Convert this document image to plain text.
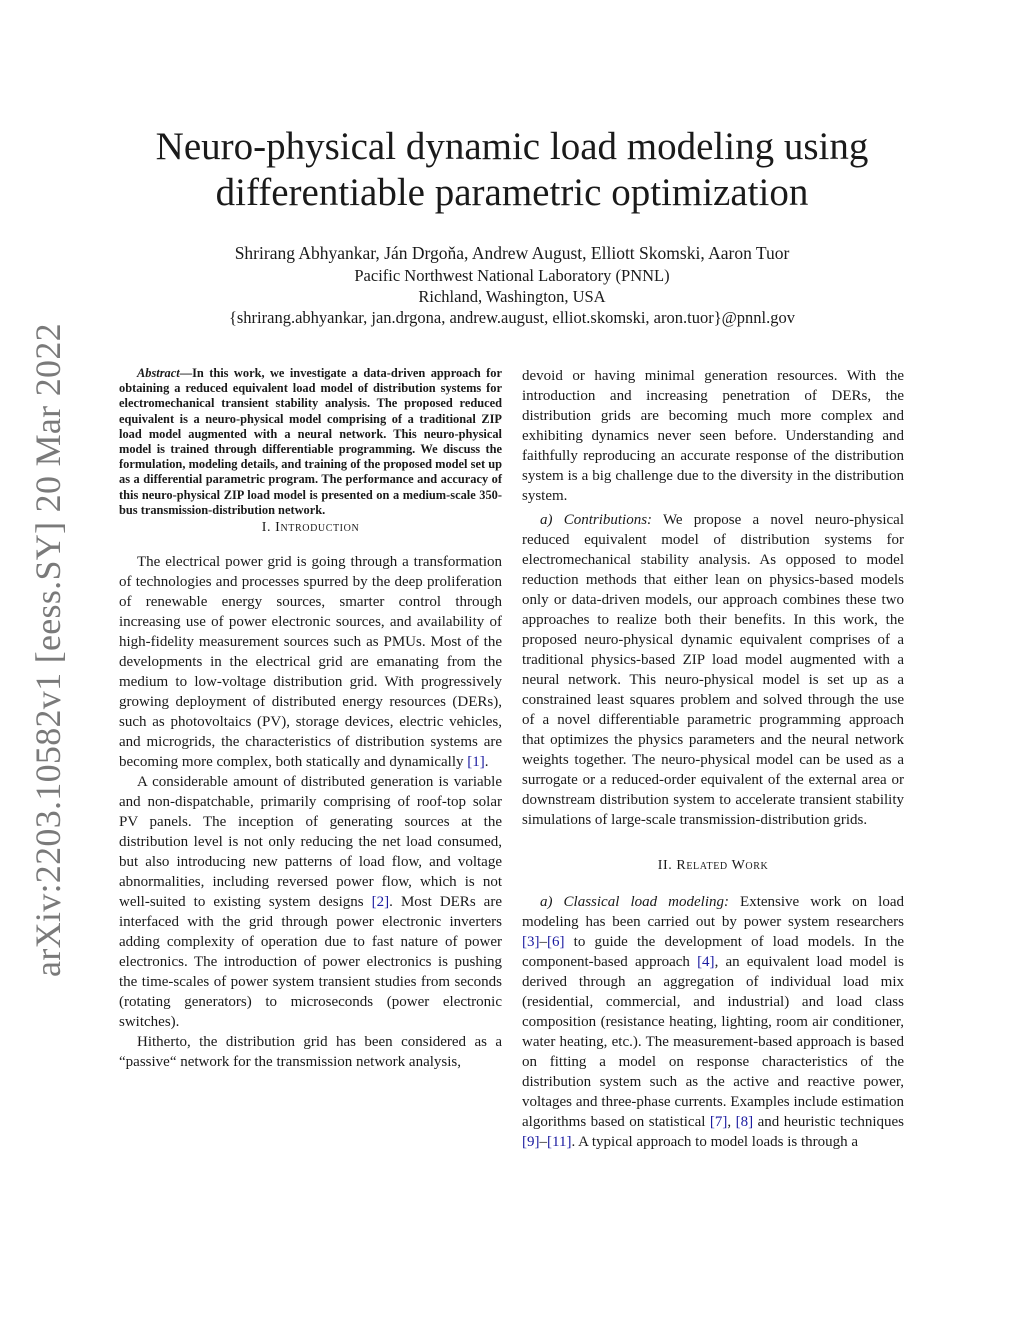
arXiv:2203.10582v1 [eess.SY] 20 Mar 2022
Neuro-physical dynamic load modeling using
differentiable parametric optimization
Shrirang Abhyankar, Ján Drgoňa, Andrew August, Elliott Skomski, Aaron Tuor
Pacific Northwest National Laboratory (PNNL)
Richland, Washington, USA
{shrirang.abhyankar, jan.drgona, andrew.august, elliot.skomski, aron.tuor}@pnnl.gov

Abstract—In this work, we investigate a data-driven approach for obtaining a reduced equivalent load model of distribution systems for electromechanical transient stability analysis. The proposed reduced equivalent is a neuro-physical model comprising of a traditional ZIP load model augmented with a neural network. This neuro-physical model is trained through differentiable programming. We discuss the formulation, modeling details, and training of the proposed model set up as a differential parametric program. The performance and accuracy of this neuro-physical ZIP load model is presented on a medium-scale 350-bus transmission-distribution network.

I. Introduction

The electrical power grid is going through a transformation of technologies and processes spurred by the deep proliferation of renewable energy sources, smarter control through increasing use of power electronic sources, and availability of high-fidelity measurement sources such as PMUs. Most of the developments in the electrical grid are emanating from the medium to low-voltage distribution grid. With progressively growing deployment of distributed energy resources (DERs), such as photovoltaics (PV), storage devices, electric vehicles, and microgrids, the characteristics of distribution systems are becoming more complex, both statically and dynamically [1].

A considerable amount of distributed generation is variable and non-dispatchable, primarily comprising of roof-top solar PV panels. The inception of generating sources at the distribution level is not only reducing the net load consumed, but also introducing new patterns of load flow, and voltage abnormalities, including reversed power flow, which is not well-suited to existing system designs [2]. Most DERs are interfaced with the grid through power electronic inverters adding complexity of operation due to fast nature of power electronics. The introduction of power electronics is pushing the time-scales of power system transient studies from seconds (rotating generators) to microseconds (power electronic switches).

Hitherto, the distribution grid has been considered as a “passive“ network for the transmission network analysis,

devoid or having minimal generation resources. With the introduction and increasing penetration of DERs, the distribution grids are becoming much more complex and exhibiting dynamics never seen before. Understanding and faithfully reproducing an accurate response of the distribution system is a big challenge due to the diversity in the distribution system.

a) Contributions: We propose a novel neuro-physical reduced equivalent model of distribution systems for electromechanical stability analysis. As opposed to model reduction methods that either lean on physics-based models only or data-driven models, our approach combines these two approaches to realize both their benefits. In this work, the proposed neuro-physical dynamic equivalent comprises of a traditional physics-based ZIP load model augmented with a neural network. This neuro-physical model is set up as a constrained least squares problem and solved through the use of a novel differentiable parametric programming approach that optimizes the physics parameters and the neural network weights together. The neuro-physical model can be used as a surrogate or a reduced-order equivalent of the external area or downstream distribution system to accelerate transient stability simulations of large-scale transmission-distribution grids.

II. Related Work

a) Classical load modeling: Extensive work on load modeling has been carried out by power system researchers [3]–[6] to guide the development of load models. In the component-based approach [4], an equivalent load model is derived through an aggregation of individual load mix (residential, commercial, and industrial) and load class composition (resistance heating, lighting, room air conditioner, water heating, etc.). The measurement-based approach is based on fitting a model on response characteristics of the distribution system such as the active and reactive power, voltages and three-phase currents. Examples include estimation algorithms based on statistical [7], [8] and heuristic techniques [9]–[11]. A typical approach to model loads is through a
